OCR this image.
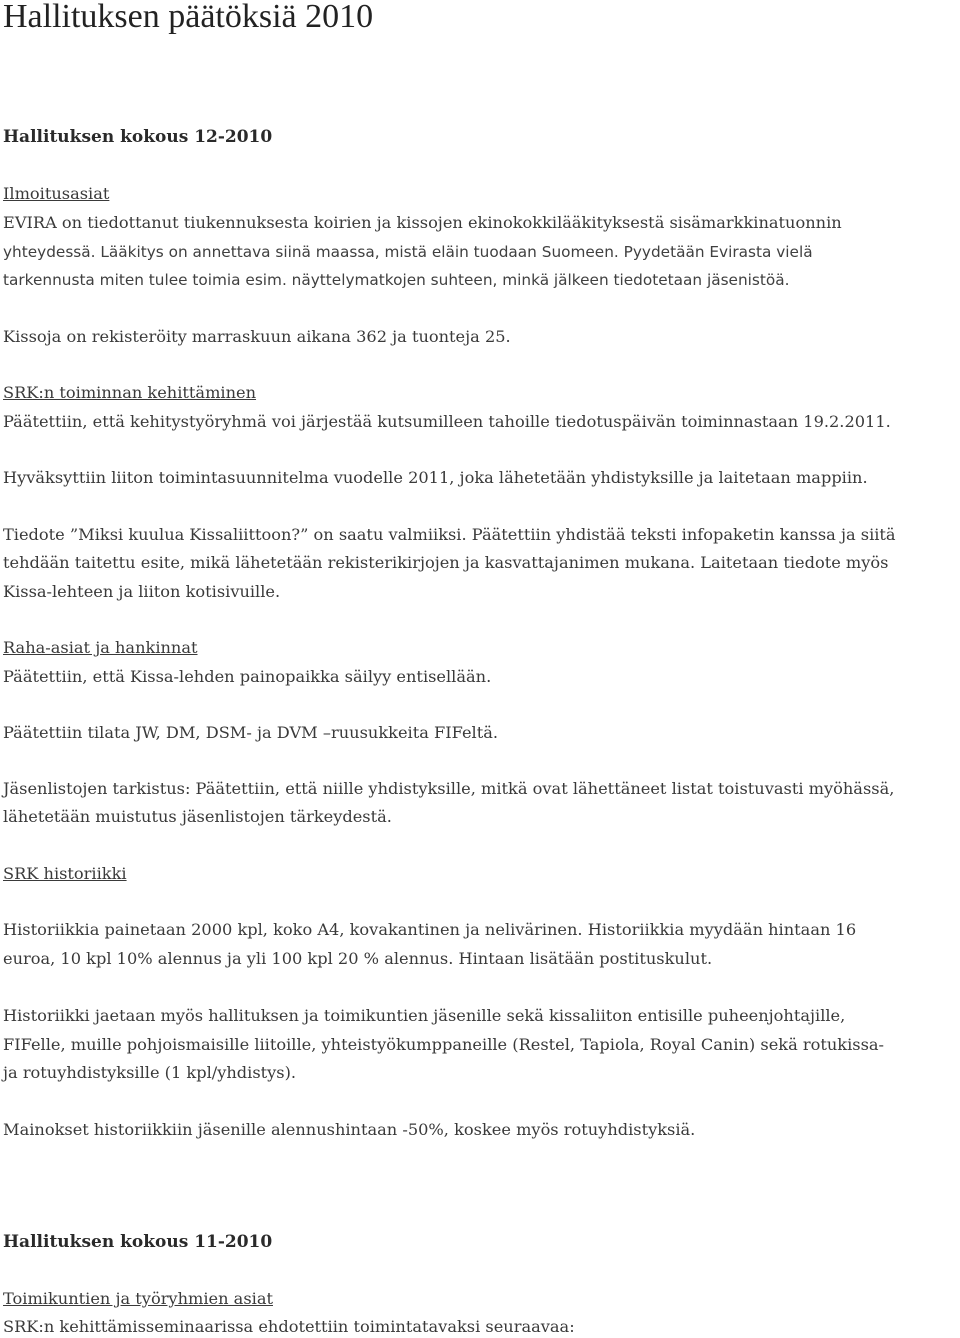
Hallituksen päätöksiä 2010
Hallituksen kokous 12-2010
Ilmoitusasiat
EVIRA on tiedottanut tiukennuksesta koirien ja kissojen ekinokokkilääkityksestä sisämarkkinatuonnin
yhteydessä. Lääkitys on annettava siinä maassa, mistä eläin tuodaan Suomeen. Pyydetään Evirasta vielä
tarkennusta miten tulee toimia esim. näyttelymatkojen suhteen, minkä jälkeen tiedotetaan jäsenistöä.
Kissoja on rekisteröity marraskuun aikana 362 ja tuonteja 25.
SRK:n toiminnan kehittäminen
Päätettiin, että kehitystyöryhmä voi järjestää kutsumilleen tahoille tiedotuspäivän toiminnastaan 19.2.2011.
Hyväksyttiin liiton toimintasuunnitelma vuodelle 2011, joka lähetetään yhdistyksille ja laitetaan mappiin.
Tiedote ”Miksi kuulua Kissaliittoon?” on saatu valmiiksi. Päätettiin yhdistää teksti infopaketin kanssa ja siitä
tehdään taitettu esite, mikä lähetetään rekisterikirjojen ja kasvattajanimen mukana. Laitetaan tiedote myös
Kissa-lehteen ja liiton kotisivuille.
Raha-asiat ja hankinnat
Päätettiin, että Kissa-lehden painopaikka säilyy entisellään.
Päätettiin tilata JW, DM, DSM- ja DVM –ruusukkeita FIFeltä.
Jäsenlistojen tarkistus: Päätettiin, että niille yhdistyksille, mitkä ovat lähettäneet listat toistuvasti myöhässä,
lähetetään muistutus jäsenlistojen tärkeydestä.
SRK historiikki
Historiikkia painetaan 2000 kpl, koko A4, kovakantinen ja nelivärinen. Historiikkia myydään hintaan 16
euroa, 10 kpl 10% alennus ja yli 100 kpl 20 % alennus. Hintaan lisätään postituskulut.
Historiikki jaetaan myös hallituksen ja toimikuntien jäsenille sekä kissaliiton entisille puheenjohtajille,
FIFelle, muille pohjoismaisille liitoille, yhteistyökumppaneille (Restel, Tapiola, Royal Canin) sekä rotukissa-
ja rotuyhdistyksille (1 kpl/yhdistys).
Mainokset historiikkiin jäsenille alennushintaan -50%, koskee myös rotuyhdistyksiä.
Hallituksen kokous 11-2010
Toimikuntien ja työryhmien asiat
SRK:n kehittämisseminaarissa ehdotettiin toimintatavaksi seuraavaa:
